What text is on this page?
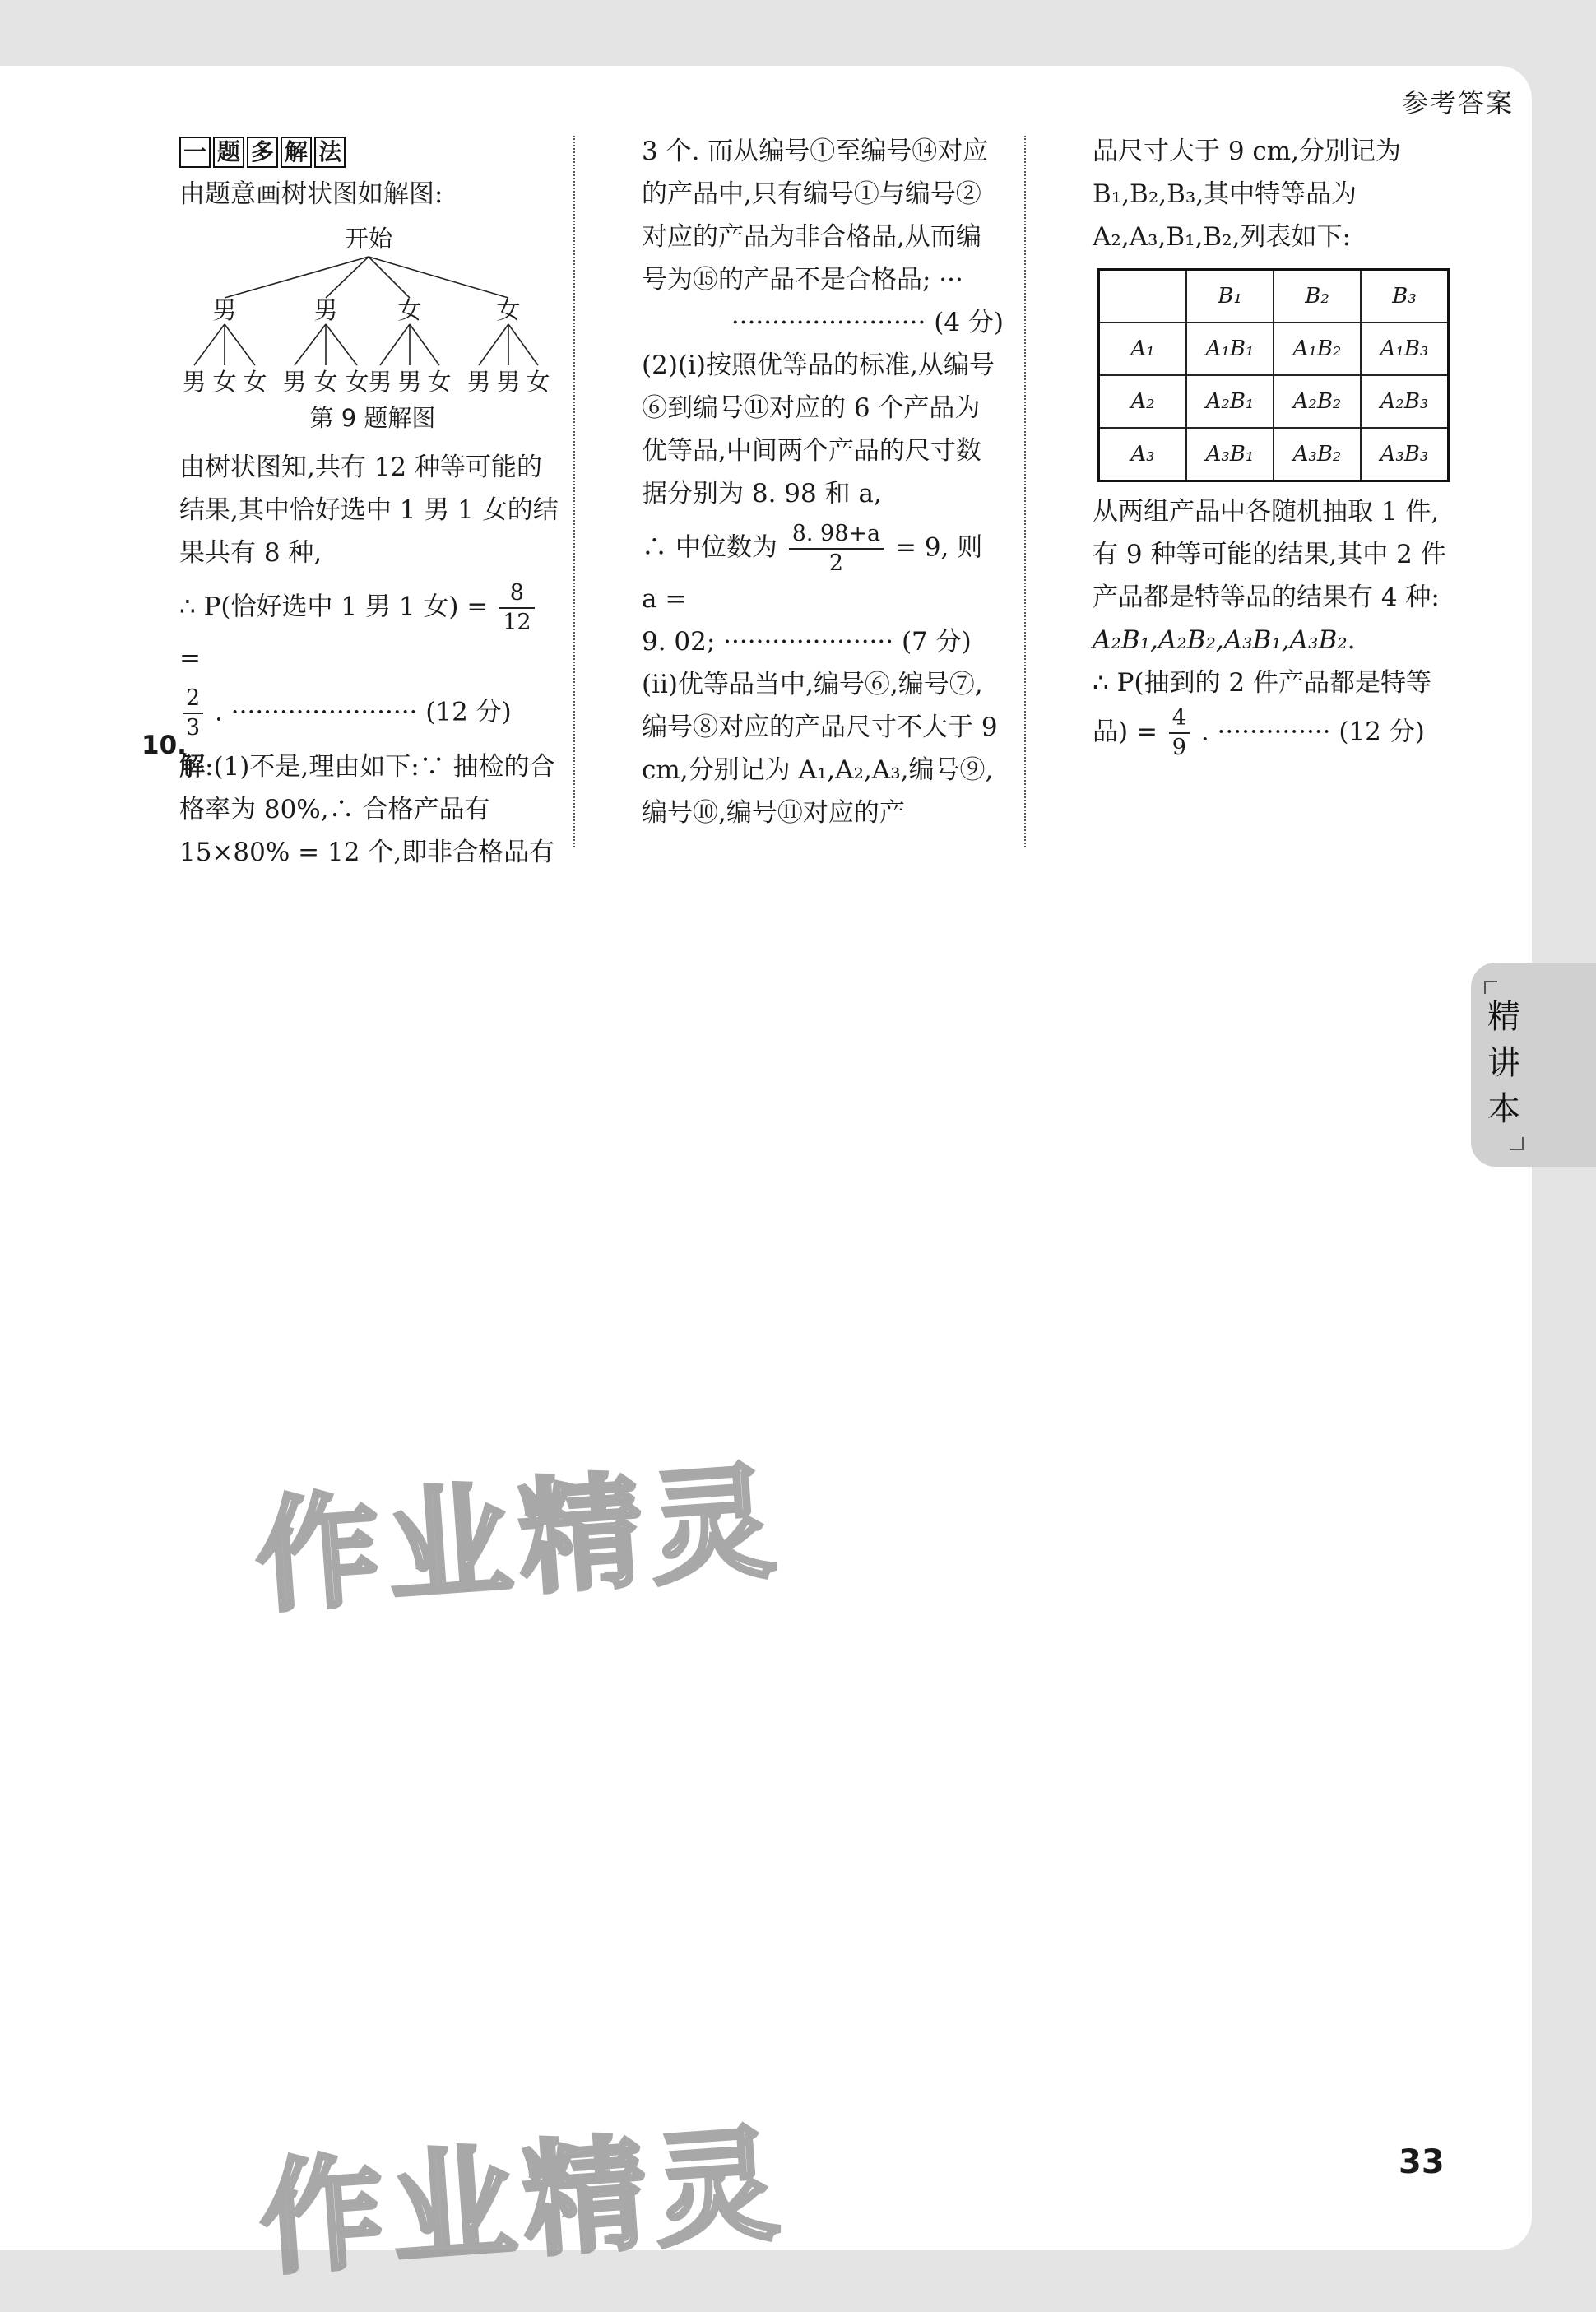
参考答案
一 题 多 解 法

由题意画树状图如解图:

开始
男	男	女	女
男 女 女 男 女 女
男 男 女 男 男 女

第 9 题解图

由树状图知,共有 12 种等可能的结果,其中恰好选中 1 男 1 女的结果共有 8 种,

∴ P(恰好选中 1 男 1 女) = $\frac{8}{12}$
=

$\frac{2}{3}$ . ······················· (12 分)

解:(1)不是,理由如下:∵ 抽检的合格率为 80%,∴ 合格产品有 15×80% = 12 个,即非合格品有

10.

3 个. 而从编号①至编号⑭对应的产品中,只有编号①与编号②对应的产品为非合格品,从而编号为⑮的产品不是合格品; ···

························ (4 分)

(2)(i)按照优等品的标准,从编号⑥到编号⑪对应的 6 个产品为优等品,中间两个产品的尺寸数据分别为 8. 98 和 a,

∴ 中位数为 $\frac{8. 98+a}{2} = 9$, 则 a =

9. 02; ····················· (7 分)

(ii)优等品当中,编号⑥,编号⑦,编号⑧对应的产品尺寸不大于 9 cm,分别记为 A₁,A₂,A₃,编号⑨,编号⑩,编号⑪对应的产

品尺寸大于 9 cm,分别记为 B₁,B₂,B₃,其中特等品为 A₂,A₃,B₁,B₂,列表如下:

	B₁	B₂	B₃
A₁	A₁B₁	A₁B₂	A₁B₃
A₂	A₂B₁	A₂B₂	A₂B₃
A₃	A₃B₁	A₃B₂	A₃B₃

从两组产品中各随机抽取 1 件,有 9 种等可能的结果,其中 2 件产品都是特等品的结果有 4 种:

A₂B₁,A₂B₂,A₃B₁,A₃B₂.

∴ P(抽到的 2 件产品都是特等

品) = $\frac{4}{9}$ . ·············· (12 分)

精讲本
作业精灵
作业精灵	33
